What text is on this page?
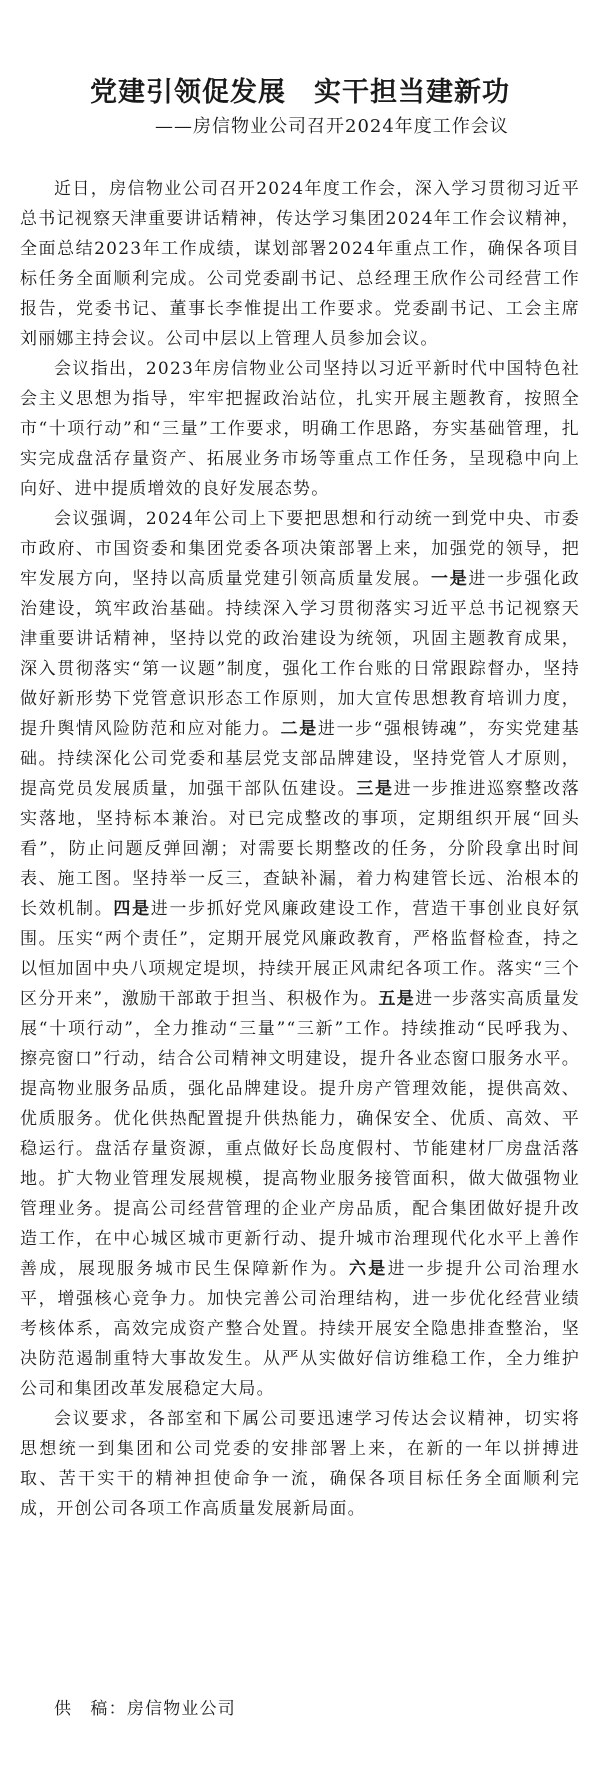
党建引领促发展　实干担当建新功
——房信物业公司召开2024年度工作会议

近日，房信物业公司召开2024年度工作会，深入学习贯彻习近平总书记视察天津重要讲话精神，传达学习集团2024年工作会议精神，全面总结2023年工作成绩，谋划部署2024年重点工作，确保各项目标任务全面顺利完成。公司党委副书记、总经理王欣作公司经营工作报告，党委书记、董事长李惟提出工作要求。党委副书记、工会主席刘丽娜主持会议。公司中层以上管理人员参加会议。

会议指出，2023年房信物业公司坚持以习近平新时代中国特色社会主义思想为指导，牢牢把握政治站位，扎实开展主题教育，按照全市“十项行动”和“三量”工作要求，明确工作思路，夯实基础管理，扎实完成盘活存量资产、拓展业务市场等重点工作任务，呈现稳中向上向好、进中提质增效的良好发展态势。

会议强调，2024年公司上下要把思想和行动统一到党中央、市委市政府、市国资委和集团党委各项决策部署上来，加强党的领导，把牢发展方向，坚持以高质量党建引领高质量发展。一是进一步强化政治建设，筑牢政治基础。持续深入学习贯彻落实习近平总书记视察天津重要讲话精神，坚持以党的政治建设为统领，巩固主题教育成果，深入贯彻落实“第一议题”制度，强化工作台账的日常跟踪督办，坚持做好新形势下党管意识形态工作原则，加大宣传思想教育培训力度，提升舆情风险防范和应对能力。二是进一步“强根铸魂”，夯实党建基础。持续深化公司党委和基层党支部品牌建设，坚持党管人才原则，提高党员发展质量，加强干部队伍建设。三是进一步推进巡察整改落实落地，坚持标本兼治。对已完成整改的事项，定期组织开展“回头看”，防止问题反弹回潮；对需要长期整改的任务，分阶段拿出时间表、施工图。坚持举一反三，查缺补漏，着力构建管长远、治根本的长效机制。四是进一步抓好党风廉政建设工作，营造干事创业良好氛围。压实“两个责任”，定期开展党风廉政教育，严格监督检查，持之以恒加固中央八项规定堤坝，持续开展正风肃纪各项工作。落实“三个区分开来”，激励干部敢于担当、积极作为。五是进一步落实高质量发展“十项行动”，全力推动“三量”“三新”工作。持续推动“民呼我为、擦亮窗口”行动，结合公司精神文明建设，提升各业态窗口服务水平。提高物业服务品质，强化品牌建设。提升房产管理效能，提供高效、优质服务。优化供热配置提升供热能力，确保安全、优质、高效、平稳运行。盘活存量资源，重点做好长岛度假村、节能建材厂房盘活落地。扩大物业管理发展规模，提高物业服务接管面积，做大做强物业管理业务。提高公司经营管理的企业产房品质，配合集团做好提升改造工作，在中心城区城市更新行动、提升城市治理现代化水平上善作善成，展现服务城市民生保障新作为。六是进一步提升公司治理水平，增强核心竞争力。加快完善公司治理结构，进一步优化经营业绩考核体系，高效完成资产整合处置。持续开展安全隐患排查整治，坚决防范遏制重特大事故发生。从严从实做好信访维稳工作，全力维护公司和集团改革发展稳定大局。

会议要求，各部室和下属公司要迅速学习传达会议精神，切实将思想统一到集团和公司党委的安排部署上来，在新的一年以拼搏进取、苦干实干的精神担使命争一流，确保各项目标任务全面顺利完成，开创公司各项工作高质量发展新局面。

供　稿：房信物业公司
